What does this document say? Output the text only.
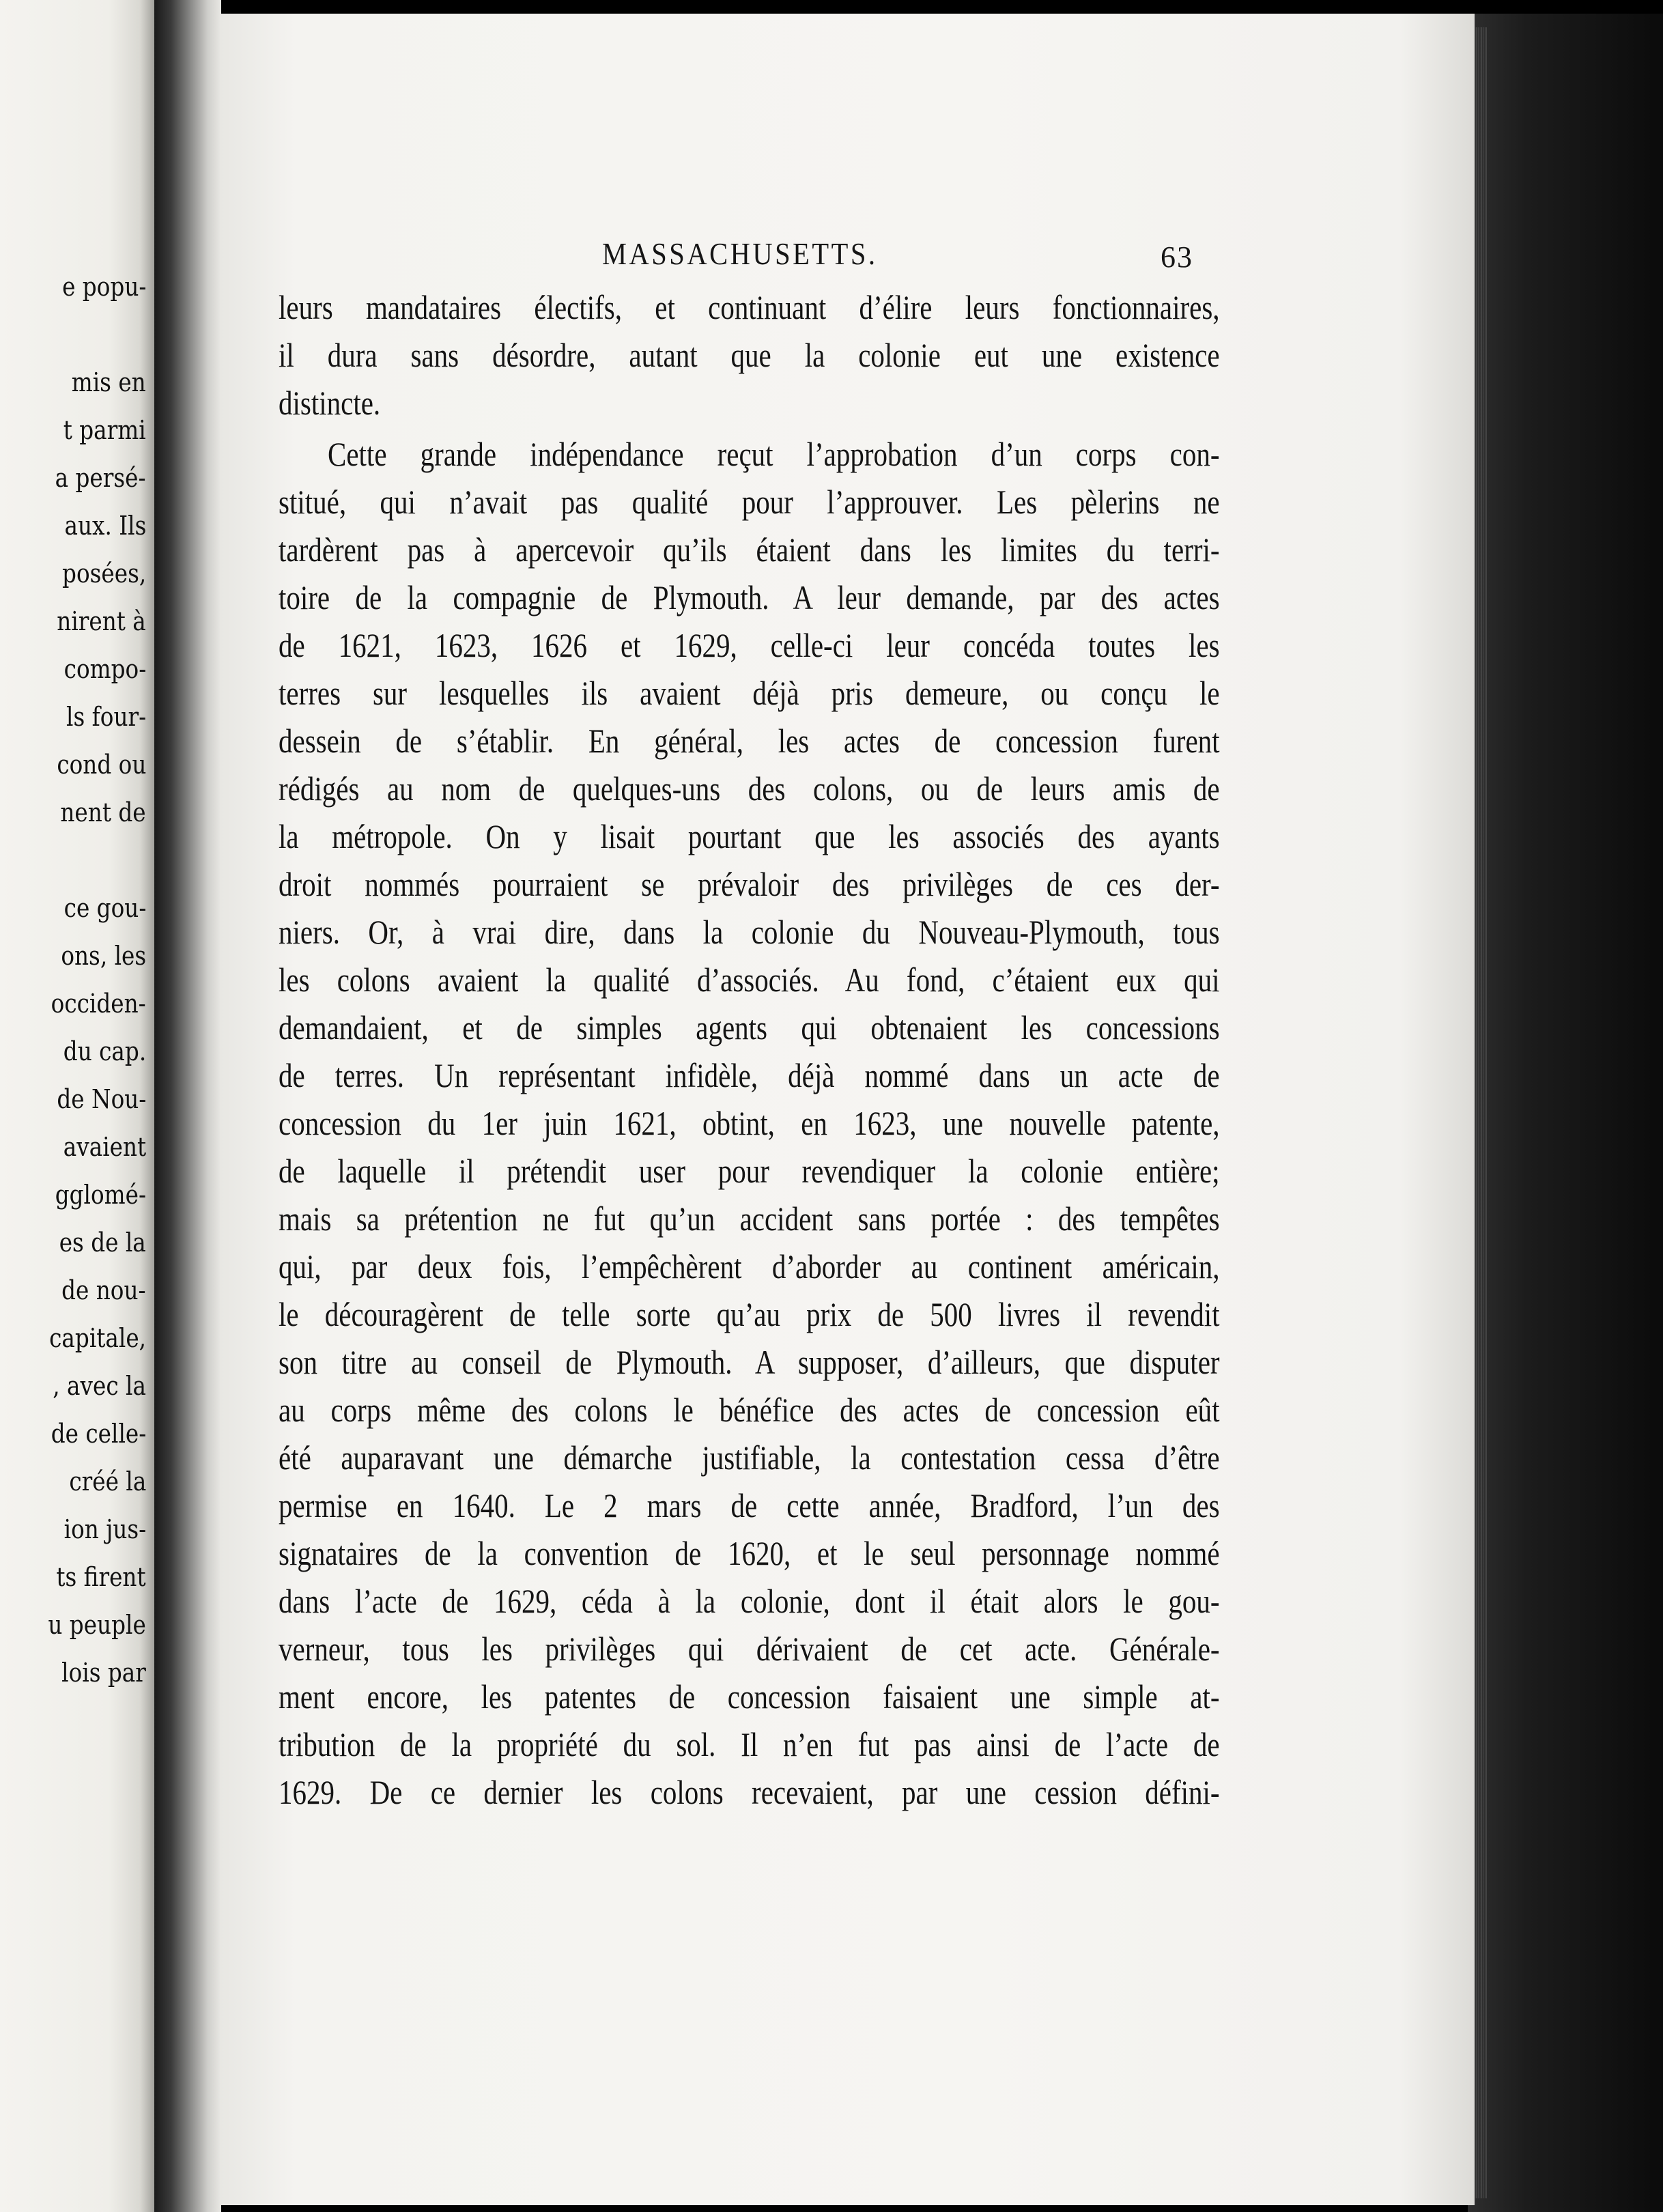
e popu-
mis en
t parmi
a persé-
aux. Ils
posées,
nirent à
compo-
ls four-
cond ou
nent de
ce gou-
ons, les
occiden-
du cap.
de Nou-
avaient
gglomé-
es de la
de nou-
capitale,
, avec la
de celle-
créé la
ion jus-
ts firent
u peuple
lois par
MASSACHUSETTS.	63
leurs mandataires électifs, et continuant d’élire leurs fonctionnaires,
il dura sans désordre, autant que la colonie eut une existence
distincte.
Cette grande indépendance reçut l’approbation d’un corps con-
stitué, qui n’avait pas qualité pour l’approuver. Les pèlerins ne
tardèrent pas à apercevoir qu’ils étaient dans les limites du terri-
toire de la compagnie de Plymouth. A leur demande, par des actes
de 1621, 1623, 1626 et 1629, celle-ci leur concéda toutes les
terres sur lesquelles ils avaient déjà pris demeure, ou conçu le
dessein de s’établir. En général, les actes de concession furent
rédigés au nom de quelques-uns des colons, ou de leurs amis de
la métropole. On y lisait pourtant que les associés des ayants
droit nommés pourraient se prévaloir des privilèges de ces der-
niers. Or, à vrai dire, dans la colonie du Nouveau-Plymouth, tous
les colons avaient la qualité d’associés. Au fond, c’étaient eux qui
demandaient, et de simples agents qui obtenaient les concessions
de terres. Un représentant infidèle, déjà nommé dans un acte de
concession du 1er juin 1621, obtint, en 1623, une nouvelle patente,
de laquelle il prétendit user pour revendiquer la colonie entière;
mais sa prétention ne fut qu’un accident sans portée : des tempêtes
qui, par deux fois, l’empêchèrent d’aborder au continent américain,
le découragèrent de telle sorte qu’au prix de 500 livres il revendit
son titre au conseil de Plymouth. A supposer, d’ailleurs, que disputer
au corps même des colons le bénéfice des actes de concession eût
été auparavant une démarche justifiable, la contestation cessa d’être
permise en 1640. Le 2 mars de cette année, Bradford, l’un des
signataires de la convention de 1620, et le seul personnage nommé
dans l’acte de 1629, céda à la colonie, dont il était alors le gou-
verneur, tous les privilèges qui dérivaient de cet acte. Générale-
ment encore, les patentes de concession faisaient une simple at-
tribution de la propriété du sol. Il n’en fut pas ainsi de l’acte de
1629. De ce dernier les colons recevaient, par une cession défini-
